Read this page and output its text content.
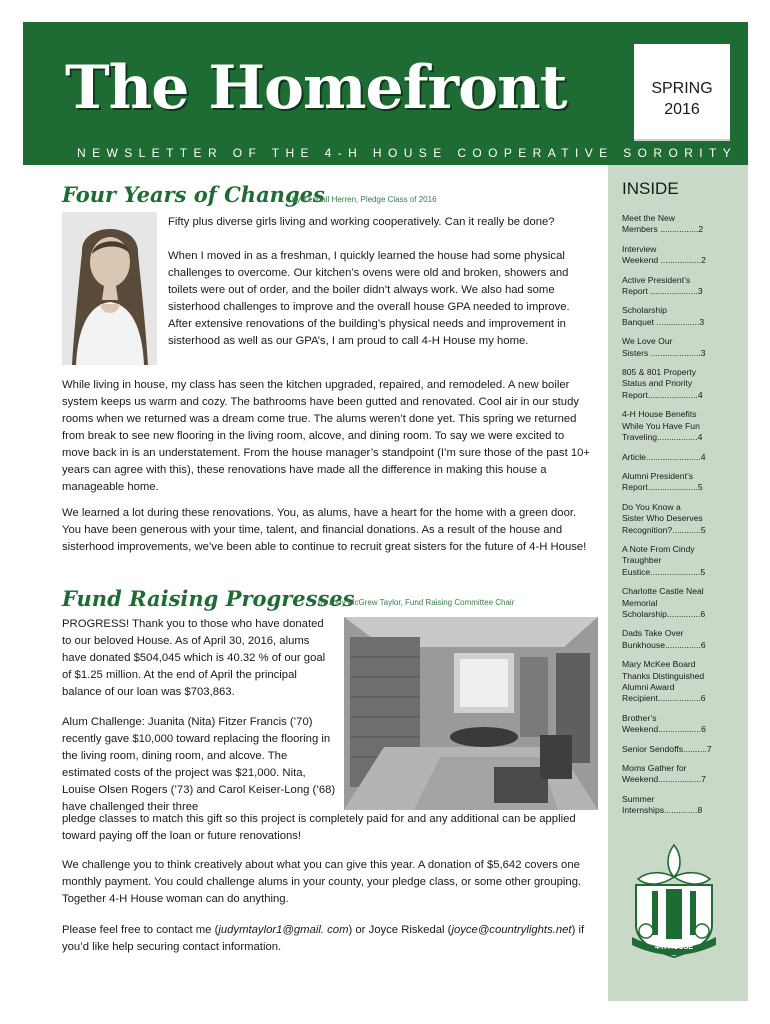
The Homefront
NEWSLETTER OF THE 4-H HOUSE COOPERATIVE SORORITY
SPRING
2016
INSIDE
Meet the New
Members ................2
Interview
Weekend .................2
Active President’s
Report ....................3
Scholarship
Banquet ..................3
We Love Our
Sisters .....................3
805 & 801 Property
Status and Priority
Report.....................4
4-H House Benefits
While You Have Fun
Traveling.................4
Article.......................4
Alumni President’s
Report.....................5
Do You Know a
Sister Who Deserves
Recognition?............5
A Note From Cindy
Traughber
Eustice.....................5
Charlotte Castle Neal
Memorial
Scholarship..............6
Dads Take Over
Bunkhouse...............6
Mary McKee Board
Thanks Distinguished
Alumni Award
Recipient..................6
Brother’s
Weekend..................6
Senior Sendoffs..........7
Moms Gather for
Weekend..................7
Summer
Internships..............8
4-H HOUSE
Four Years of Changes
by Kendall Herren, Pledge Class of 2016
Fifty plus diverse girls living and working cooperatively. Can it really be done?
When I moved in as a freshman, I quickly learned the house had some physical challenges to overcome. Our kitchen’s ovens were old and broken, showers and toilets were out of order, and the boiler didn’t always work. We also had some sisterhood challenges to improve and the overall house GPA needed to improve. After extensive renovations of the building’s physical needs and improvement in sisterhood as well as our GPA’s, I am proud to call 4-H House my home.
While living in house, my class has seen the kitchen upgraded, repaired, and remodeled. A new boiler system keeps us warm and cozy. The bathrooms have been gutted and renovated. Cool air in our study rooms when we returned was a dream come true. The alums weren’t done yet. This spring we returned from break to see new flooring in the living room, alcove, and dining room. To say we were excited to move back in is an understatement. From the house manager’s standpoint (I’m sure those of the past 10+ years can agree with this), these renovations have made all the difference in making this house a manageable home.
We learned a lot during these renovations. You, as alums, have a heart for the home with a green door. You have been generous with your time, talent, and financial donations. As a result of the house and sisterhood improvements, we’ve been able to continue to recruit great sisters for the future of 4-H House!
Fund Raising Progresses
by Judy McGrew Taylor, Fund Raising Committee Chair
PROGRESS! Thank you to those who have donated to our beloved House. As of April 30, 2016, alums have donated $504,045 which is 40.32 % of our goal of $1.25 million. At the end of April the principal balance of our loan was $703,863.
Alum Challenge: Juanita (Nita) Fitzer Francis (’70) recently gave $10,000 toward replacing the flooring in the living room, dining room, and alcove. The estimated costs of the project was $21,000. Nita, Louise Olsen Rogers (’73) and Carol Keiser-Long (’68) have challenged their three
pledge classes to match this gift so this project is completely paid for and any additional can be applied toward paying off the loan or future renovations!
We challenge you to think creatively about what you can give this year. A donation of $5,642 covers one monthly payment. You could challenge alums in your county, your pledge class, or some other grouping. Together 4-H House woman can do anything.
Please feel free to contact me (judymtaylor1@gmail. com) or Joyce Riskedal (joyce@countrylights.net) if you’d like help securing contact information.
